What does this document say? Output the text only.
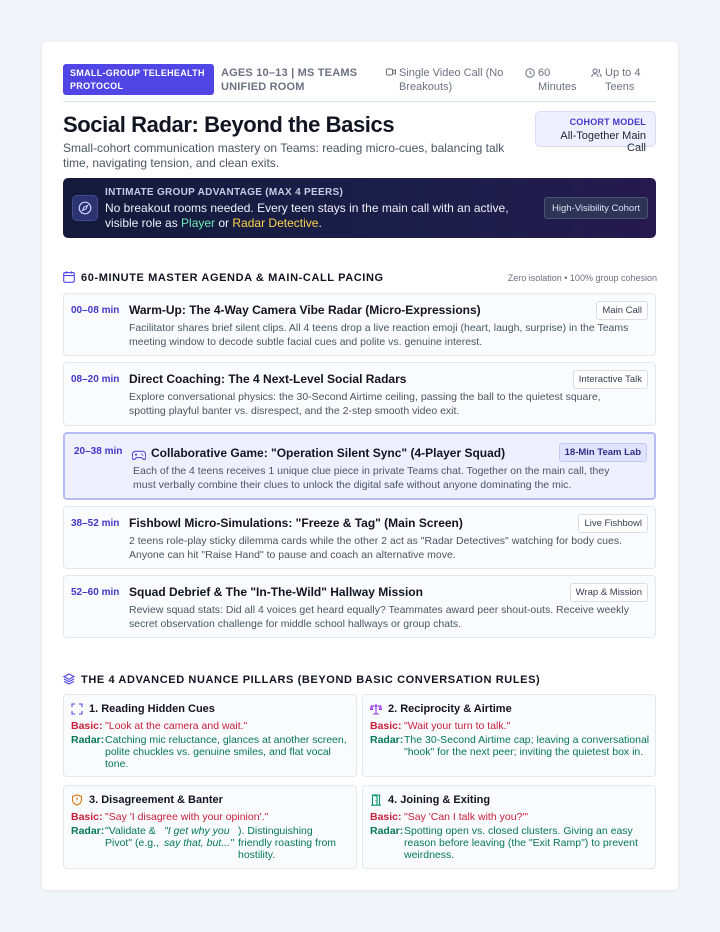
SMALL-GROUP TELEHEALTH PROTOCOL
AGES 10–13 | MS TEAMS UNIFIED ROOM
Single Video Call (No Breakouts)
60 Minutes
Up to 4 Teens
Social Radar: Beyond the Basics
Small-cohort communication mastery on Teams: reading micro-cues, balancing talk time, navigating tension, and clean exits.
COHORT MODEL
All-Together Main Call
INTIMATE GROUP ADVANTAGE (MAX 4 PEERS)
No breakout rooms needed. Every teen stays in the main call with an active, visible role as Player or Radar Detective.
High-Visibility Cohort
60-MINUTE MASTER AGENDA & MAIN-CALL PACING	Zero isolation • 100% group cohesion
00–08 min Warm-Up: The 4-Way Camera Vibe Radar (Micro-Expressions)
Facilitator shares brief silent clips. All 4 teens drop a live reaction emoji (heart, laugh, surprise) in the Teams meeting window to decode subtle facial cues and polite vs. genuine interest.
Main Call
08–20 min Direct Coaching: The 4 Next-Level Social Radars
Explore conversational physics: the 30-Second Airtime ceiling, passing the ball to the quietest square, spotting playful banter vs. disrespect, and the 2-step smooth video exit.
Interactive Talk
20–38 min Collaborative Game: "Operation Silent Sync" (4-Player Squad)
Each of the 4 teens receives 1 unique clue piece in private Teams chat. Together on the main call, they must verbally combine their clues to unlock the digital safe without anyone dominating the mic.
18-Min Team Lab
38–52 min Fishbowl Micro-Simulations: "Freeze & Tag" (Main Screen)
2 teens role-play sticky dilemma cards while the other 2 act as "Radar Detectives" watching for body cues. Anyone can hit "Raise Hand" to pause and coach an alternative move.
Live Fishbowl
52–60 min Squad Debrief & The "In-The-Wild" Hallway Mission
Review squad stats: Did all 4 voices get heard equally? Teammates award peer shout-outs. Receive weekly secret observation challenge for middle school hallways or group chats.
Wrap & Mission
THE 4 ADVANCED NUANCE PILLARS (BEYOND BASIC CONVERSATION RULES)
1. Reading Hidden Cues
Basic: "Look at the camera and wait."
Radar: Catching mic reluctance, glances at another screen, polite chuckles vs. genuine smiles, and flat vocal tone.
2. Reciprocity & Airtime
Basic: "Wait your turn to talk."
Radar: The 30-Second Airtime cap; leaving a conversational "hook" for the next peer; inviting the quietest box in.
3. Disagreement & Banter
Basic: "Say 'I disagree with your opinion'."
Radar: "Validate & Pivot" (e.g.,
"I get why you say that, but..."
). Distinguishing friendly roasting from hostility.
4. Joining & Exiting
Basic: "Say 'Can I talk with you?'"
Radar: Spotting open vs. closed clusters. Giving an easy reason before leaving (the "Exit Ramp") to prevent weirdness.
